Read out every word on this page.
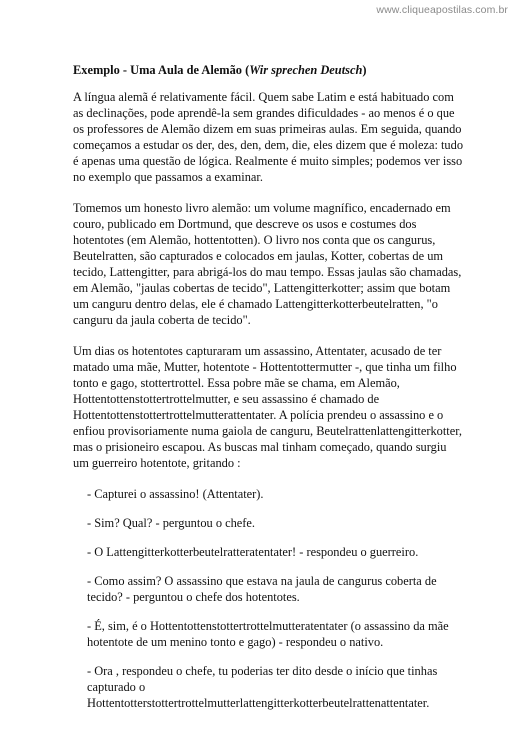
www.cliqueapostilas.com.br
Exemplo - Uma Aula de Alemão (Wir sprechen Deutsch)
A língua alemã é relativamente fácil. Quem sabe Latim e está habituado com
as declinações, pode aprendê-la sem grandes dificuldades - ao menos é o que
os professores de Alemão dizem em suas primeiras aulas. Em seguida, quando
começamos a estudar os der, des, den, dem, die, eles dizem que é moleza: tudo
é apenas uma questão de lógica. Realmente é muito simples; podemos ver isso
no exemplo que passamos a examinar.
Tomemos um honesto livro alemão: um volume magnífico, encadernado em
couro, publicado em Dortmund, que descreve os usos e costumes dos
hotentotes (em Alemão, hottentotten). O livro nos conta que os cangurus,
Beutelratten, são capturados e colocados em jaulas, Kotter, cobertas de um
tecido, Lattengitter, para abrigá-los do mau tempo. Essas jaulas são chamadas,
em Alemão, "jaulas cobertas de tecido", Lattengitterkotter; assim que botam
um canguru dentro delas, ele é chamado Lattengitterkotterbeutelratten, "o
canguru da jaula coberta de tecido".
Um dias os hotentotes capturaram um assassino, Attentater, acusado de ter
matado uma mãe, Mutter, hotentote - Hottentottermutter -, que tinha um filho
tonto e gago, stottertrottel. Essa pobre mãe se chama, em Alemão,
Hottentottenstottertrottelmutter, e seu assassino é chamado de
Hottentottenstottertrottelmutterattentater. A polícia prendeu o assassino e o
enfiou provisoriamente numa gaiola de canguru, Beutelrattenlattengitterkotter,
mas o prisioneiro escapou. As buscas mal tinham começado, quando surgiu
um guerreiro hotentote, gritando :
- Capturei o assassino! (Attentater).
- Sim? Qual? - perguntou o chefe.
- O Lattengitterkotterbeutelratteratentater! - respondeu o guerreiro.
- Como assim? O assassino que estava na jaula de cangurus coberta de
tecido? - perguntou o chefe dos hotentotes.
- É, sim, é o Hottentottenstottertrottelmutteratentater (o assassino da mãe
hotentote de um menino tonto e gago) - respondeu o nativo.
- Ora , respondeu o chefe, tu poderias ter dito desde o início que tinhas
capturado o
Hottentotterstottertrottelmutterlattengitterkotterbeutelrattenattentater.
